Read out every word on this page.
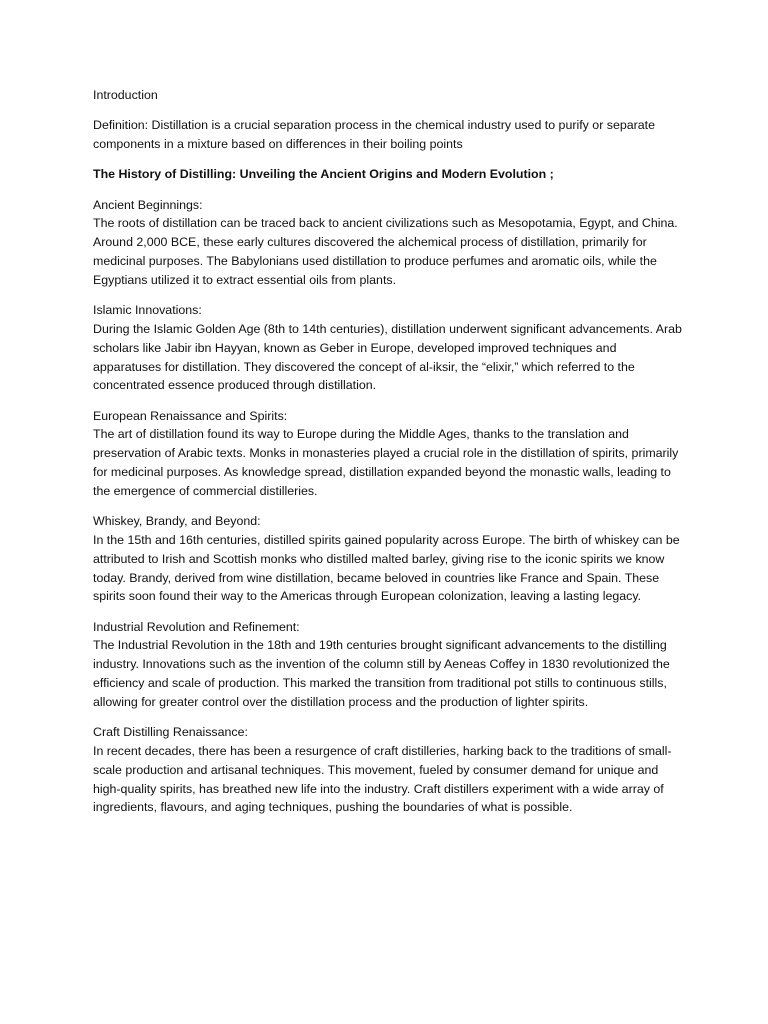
Introduction

Definition: Distillation is a crucial separation process in the chemical industry used to purify or separate components in a mixture based on differences in their boiling points

The History of Distilling: Unveiling the Ancient Origins and Modern Evolution ;

Ancient Beginnings:
The roots of distillation can be traced back to ancient civilizations such as Mesopotamia, Egypt, and China. Around 2,000 BCE, these early cultures discovered the alchemical process of distillation, primarily for medicinal purposes. The Babylonians used distillation to produce perfumes and aromatic oils, while the Egyptians utilized it to extract essential oils from plants.
Islamic Innovations:
During the Islamic Golden Age (8th to 14th centuries), distillation underwent significant advancements. Arab scholars like Jabir ibn Hayyan, known as Geber in Europe, developed improved techniques and apparatuses for distillation. They discovered the concept of al-iksir, the “elixir,” which referred to the concentrated essence produced through distillation.
European Renaissance and Spirits:
The art of distillation found its way to Europe during the Middle Ages, thanks to the translation and preservation of Arabic texts. Monks in monasteries played a crucial role in the distillation of spirits, primarily for medicinal purposes. As knowledge spread, distillation expanded beyond the monastic walls, leading to the emergence of commercial distilleries.
Whiskey, Brandy, and Beyond:
In the 15th and 16th centuries, distilled spirits gained popularity across Europe. The birth of whiskey can be attributed to Irish and Scottish monks who distilled malted barley, giving rise to the iconic spirits we know today. Brandy, derived from wine distillation, became beloved in countries like France and Spain. These spirits soon found their way to the Americas through European colonization, leaving a lasting legacy.
Industrial Revolution and Refinement:
The Industrial Revolution in the 18th and 19th centuries brought significant advancements to the distilling industry. Innovations such as the invention of the column still by Aeneas Coffey in 1830 revolutionized the efficiency and scale of production. This marked the transition from traditional pot stills to continuous stills, allowing for greater control over the distillation process and the production of lighter spirits.
Craft Distilling Renaissance:
In recent decades, there has been a resurgence of craft distilleries, harking back to the traditions of small-scale production and artisanal techniques. This movement, fueled by consumer demand for unique and high-quality spirits, has breathed new life into the industry. Craft distillers experiment with a wide array of ingredients, flavours, and aging techniques, pushing the boundaries of what is possible.
